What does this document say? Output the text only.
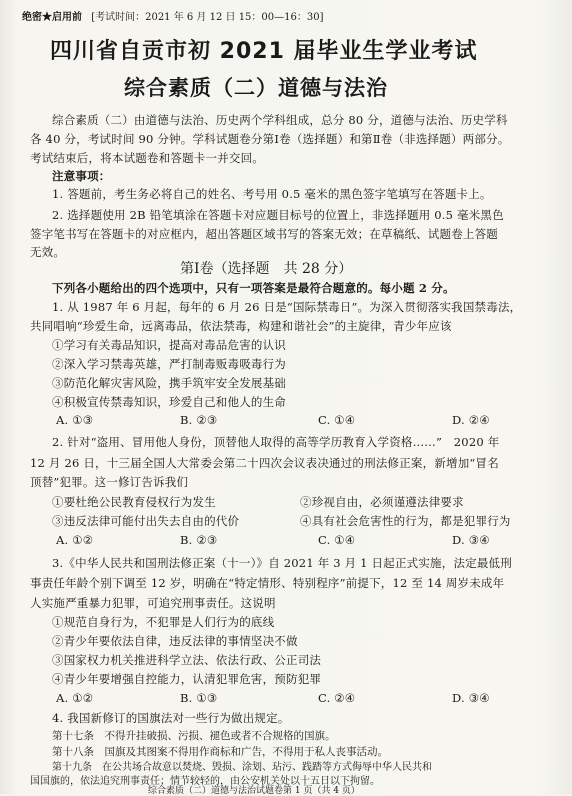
绝密★启用前 [考试时间：2021 年 6 月 12 日 15：00—16：30]
四川省自贡市初 2021 届毕业生学业考试
综合素质（二）道德与法治
综合素质（二）由道德与法治、历史两个学科组成，总分 80 分，道德与法治、历史学科
各 40 分，考试时间 90 分钟。学科试题卷分第Ⅰ卷（选择题）和第Ⅱ卷（非选择题）两部分。
考试结束后，将本试题卷和答题卡一并交回。
注意事项：
1. 答题前，考生务必将自己的姓名、考号用 0.5 毫米的黑色签字笔填写在答题卡上。
2. 选择题使用 2B 铅笔填涂在答题卡对应题目标号的位置上，非选择题用 0.5 毫米黑色
签字笔书写在答题卡的对应框内，超出答题区域书写的答案无效；在草稿纸、试题卷上答题
无效。
第Ⅰ卷（选择题　共 28 分）
下列各小题给出的四个选项中，只有一项答案是最符合题意的。每小题 2 分。
1. 从 1987 年 6 月起，每年的 6 月 26 日是“国际禁毒日”。为深入贯彻落实我国禁毒法，
共同唱响“珍爱生命，远离毒品，依法禁毒，构建和谐社会”的主旋律，青少年应该
①学习有关毒品知识，提高对毒品危害的认识
②深入学习禁毒英雄，严打制毒贩毒吸毒行为
③防范化解灾害风险，携手筑牢安全发展基础
④积极宣传禁毒知识，珍爱自己和他人的生命
A. ①③	B. ②③	C. ①④	D. ②④
2. 针对“盗用、冒用他人身份，顶替他人取得的高等学历教育入学资格……”　2020 年
12 月 26 日，十三届全国人大常委会第二十四次会议表决通过的刑法修正案，新增加“冒名
顶替”犯罪。这一修订告诉我们
①要杜绝公民教育侵权行为发生	②珍视自由，必须谨遵法律要求
③违反法律可能付出失去自由的代价	④具有社会危害性的行为，都是犯罪行为
A. ①②	B. ②③	C. ①④	D. ③④
3.《中华人民共和国刑法修正案（十一）》自 2021 年 3 月 1 日起正式实施，法定最低刑
事责任年龄个别下调至 12 岁，明确在“特定情形、特别程序”前提下，12 至 14 周岁未成年
人实施严重暴力犯罪，可追究刑事责任。这说明
①规范自身行为，不犯罪是人们行为的底线
②青少年要依法自律，违反法律的事情坚决不做
③国家权力机关推进科学立法、依法行政、公正司法
④青少年要增强自控能力，认清犯罪危害，预防犯罪
A. ①②	B. ①③	C. ②④	D. ③④
4. 我国新修订的国旗法对一些行为做出规定。
第十七条　不得升挂破损、污损、褪色或者不合规格的国旗。
第十八条　国旗及其图案不得用作商标和广告，不得用于私人丧事活动。
第十九条　在公共场合故意以焚烧、毁损、涂划、玷污、践踏等方式侮辱中华人民共和
国国旗的，依法追究刑事责任；情节较轻的，由公安机关处以十五日以下拘留。
综合素质（二）道德与法治试题卷第 1 页（共 4 页）
